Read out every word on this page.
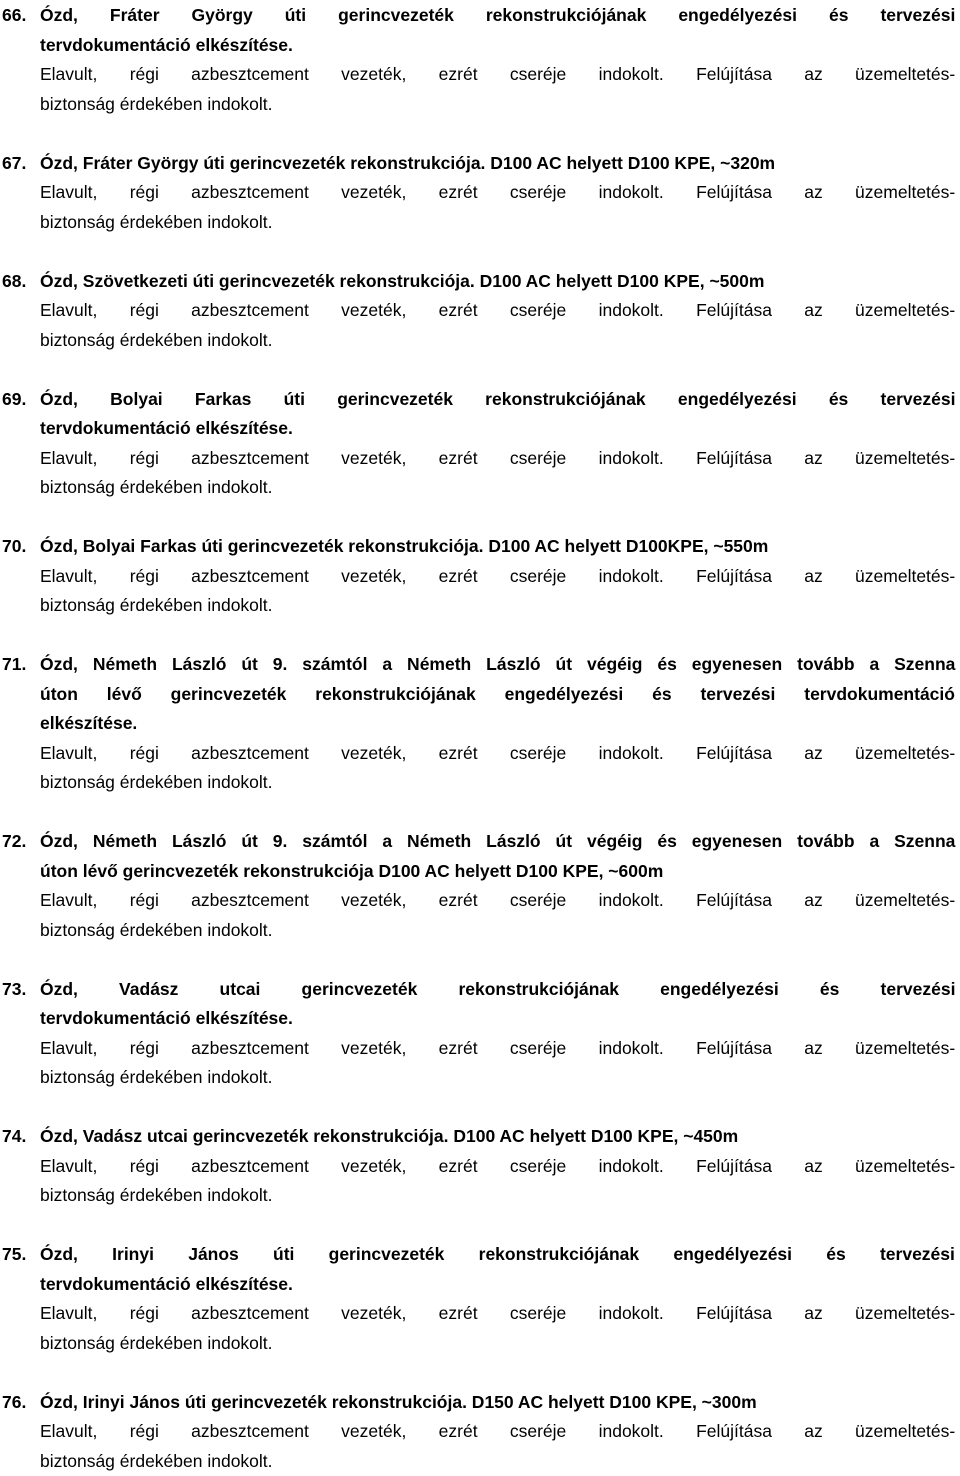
66. Ózd, Fráter György úti gerincvezeték rekonstrukciójának engedélyezési és tervezési
tervdokumentáció elkészítése.
Elavult, régi azbesztcement vezeték, ezrét cseréje indokolt. Felújítása az üzemeltetés-
biztonság érdekében indokolt.
67. Ózd, Fráter György úti gerincvezeték rekonstrukciója. D100 AC helyett D100 KPE, ~320m
Elavult, régi azbesztcement vezeték, ezrét cseréje indokolt. Felújítása az üzemeltetés-
biztonság érdekében indokolt.
68. Ózd, Szövetkezeti úti gerincvezeték rekonstrukciója. D100 AC helyett D100 KPE, ~500m
Elavult, régi azbesztcement vezeték, ezrét cseréje indokolt. Felújítása az üzemeltetés-
biztonság érdekében indokolt.
69. Ózd, Bolyai Farkas úti gerincvezeték rekonstrukciójának engedélyezési és tervezési
tervdokumentáció elkészítése.
Elavult, régi azbesztcement vezeték, ezrét cseréje indokolt. Felújítása az üzemeltetés-
biztonság érdekében indokolt.
70. Ózd, Bolyai Farkas úti gerincvezeték rekonstrukciója. D100 AC helyett D100KPE, ~550m
Elavult, régi azbesztcement vezeték, ezrét cseréje indokolt. Felújítása az üzemeltetés-
biztonság érdekében indokolt.
71. Ózd, Németh László út 9. számtól a Németh László út végéig és egyenesen tovább a Szenna
úton lévő gerincvezeték rekonstrukciójának engedélyezési és tervezési tervdokumentáció
elkészítése.
Elavult, régi azbesztcement vezeték, ezrét cseréje indokolt. Felújítása az üzemeltetés-
biztonság érdekében indokolt.
72. Ózd, Németh László út 9. számtól a Németh László út végéig és egyenesen tovább a Szenna
úton lévő gerincvezeték rekonstrukciója D100 AC helyett D100 KPE, ~600m
Elavult, régi azbesztcement vezeték, ezrét cseréje indokolt. Felújítása az üzemeltetés-
biztonság érdekében indokolt.
73. Ózd, Vadász utcai gerincvezeték rekonstrukciójának engedélyezési és tervezési
tervdokumentáció elkészítése.
Elavult, régi azbesztcement vezeték, ezrét cseréje indokolt. Felújítása az üzemeltetés-
biztonság érdekében indokolt.
74. Ózd, Vadász utcai gerincvezeték rekonstrukciója. D100 AC helyett D100 KPE, ~450m
Elavult, régi azbesztcement vezeték, ezrét cseréje indokolt. Felújítása az üzemeltetés-
biztonság érdekében indokolt.
75. Ózd, Irinyi János úti gerincvezeték rekonstrukciójának engedélyezési és tervezési
tervdokumentáció elkészítése.
Elavult, régi azbesztcement vezeték, ezrét cseréje indokolt. Felújítása az üzemeltetés-
biztonság érdekében indokolt.
76. Ózd, Irinyi János úti gerincvezeték rekonstrukciója. D150 AC helyett D100 KPE, ~300m
Elavult, régi azbesztcement vezeték, ezrét cseréje indokolt. Felújítása az üzemeltetés-
biztonság érdekében indokolt.
